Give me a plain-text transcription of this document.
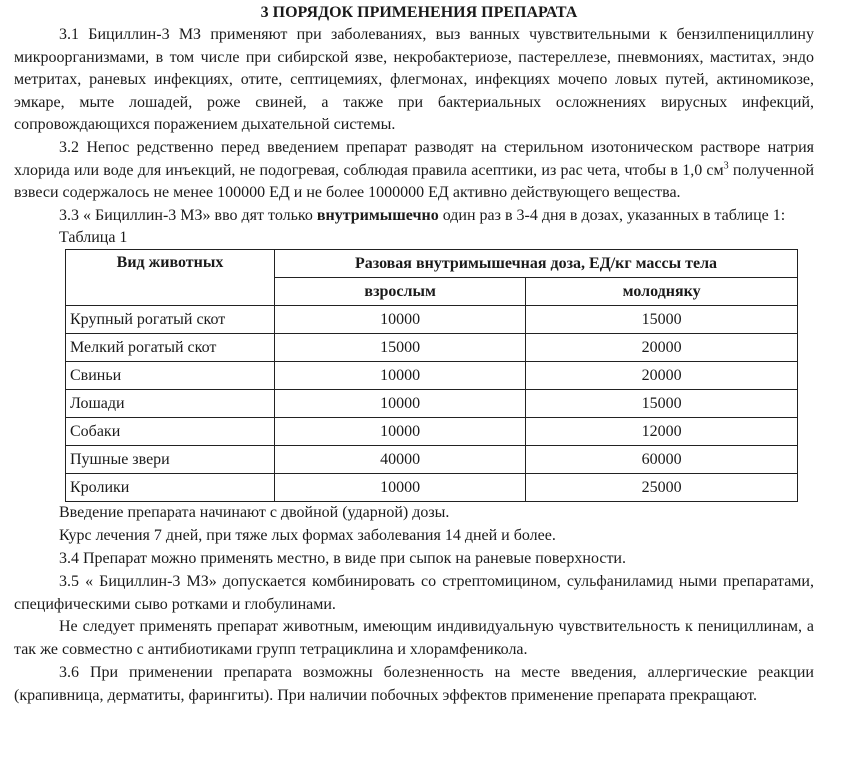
3 ПОРЯДОК ПРИМЕНЕНИЯ ПРЕПАРАТА

3.1 Бициллин-3 МЗ применяют при заболеваниях, выз ванных чувствительными к бензилпенициллину микроорганизмами, в том числе при сибирской язве, некробактериозе, пастереллезе, пневмониях, маститах, эндо метритах, раневых инфекциях, отите, септицемиях, флегмонах, инфекциях мочепо ловых путей, актиномикозе, эмкаре, мыте лошадей, роже свиней, а также при бактериальных осложнениях вирусных инфекций, сопровождающихся поражением дыхательной системы.

3.2 Непос редственно перед введением препарат разводят на стерильном изотоническом растворе натрия хлорида или воде для инъекций, не подогревая, соблюдая правила асептики, из рас чета, чтобы в 1,0 $см^3$ полученной взвеси содержалось не менее 100000 ЕД и не более 1000000 ЕД активно действующего вещества.

3.3 « Бициллин-3 МЗ» вво дят только внутримышечно один раз в 3-4 дня в дозах, указанных в таблице 1:

Таблица 1
Вид животных	Разовая внутримышечная доза, ЕД/кг массы тела	
	взрослым	молодняку
Крупный рогатый скот	10000	15000
Мелкий рогатый скот	15000	20000
Свиньи	10000	20000
Лошади	10000	15000
Собаки	10000	12000
Пушные звери	40000	60000
Кролики	10000	25000

Введение препарата начинают с двойной (ударной) дозы.

Курс лечения 7 дней, при тяже лых формах заболевания 14 дней и более.

3.4 Препарат можно применять местно, в виде при сыпок на раневые поверхности.

3.5 « Бициллин-3 МЗ» допускается комбинировать со стрептомицином, сульфаниламид ными препаратами, специфическими сыво ротками и глобулинами.

Не следует применять препарат животным, имеющим индивидуальную чувствительность к пенициллинам, а так же совместно с антибиотиками групп тетрациклина и хлорамфеникола.

3.6 При применении препарата возможны болезненность на месте введения, аллергические реакции (крапивница, дерматиты, фарингиты). При наличии побочных эффектов применение препарата прекращают.
